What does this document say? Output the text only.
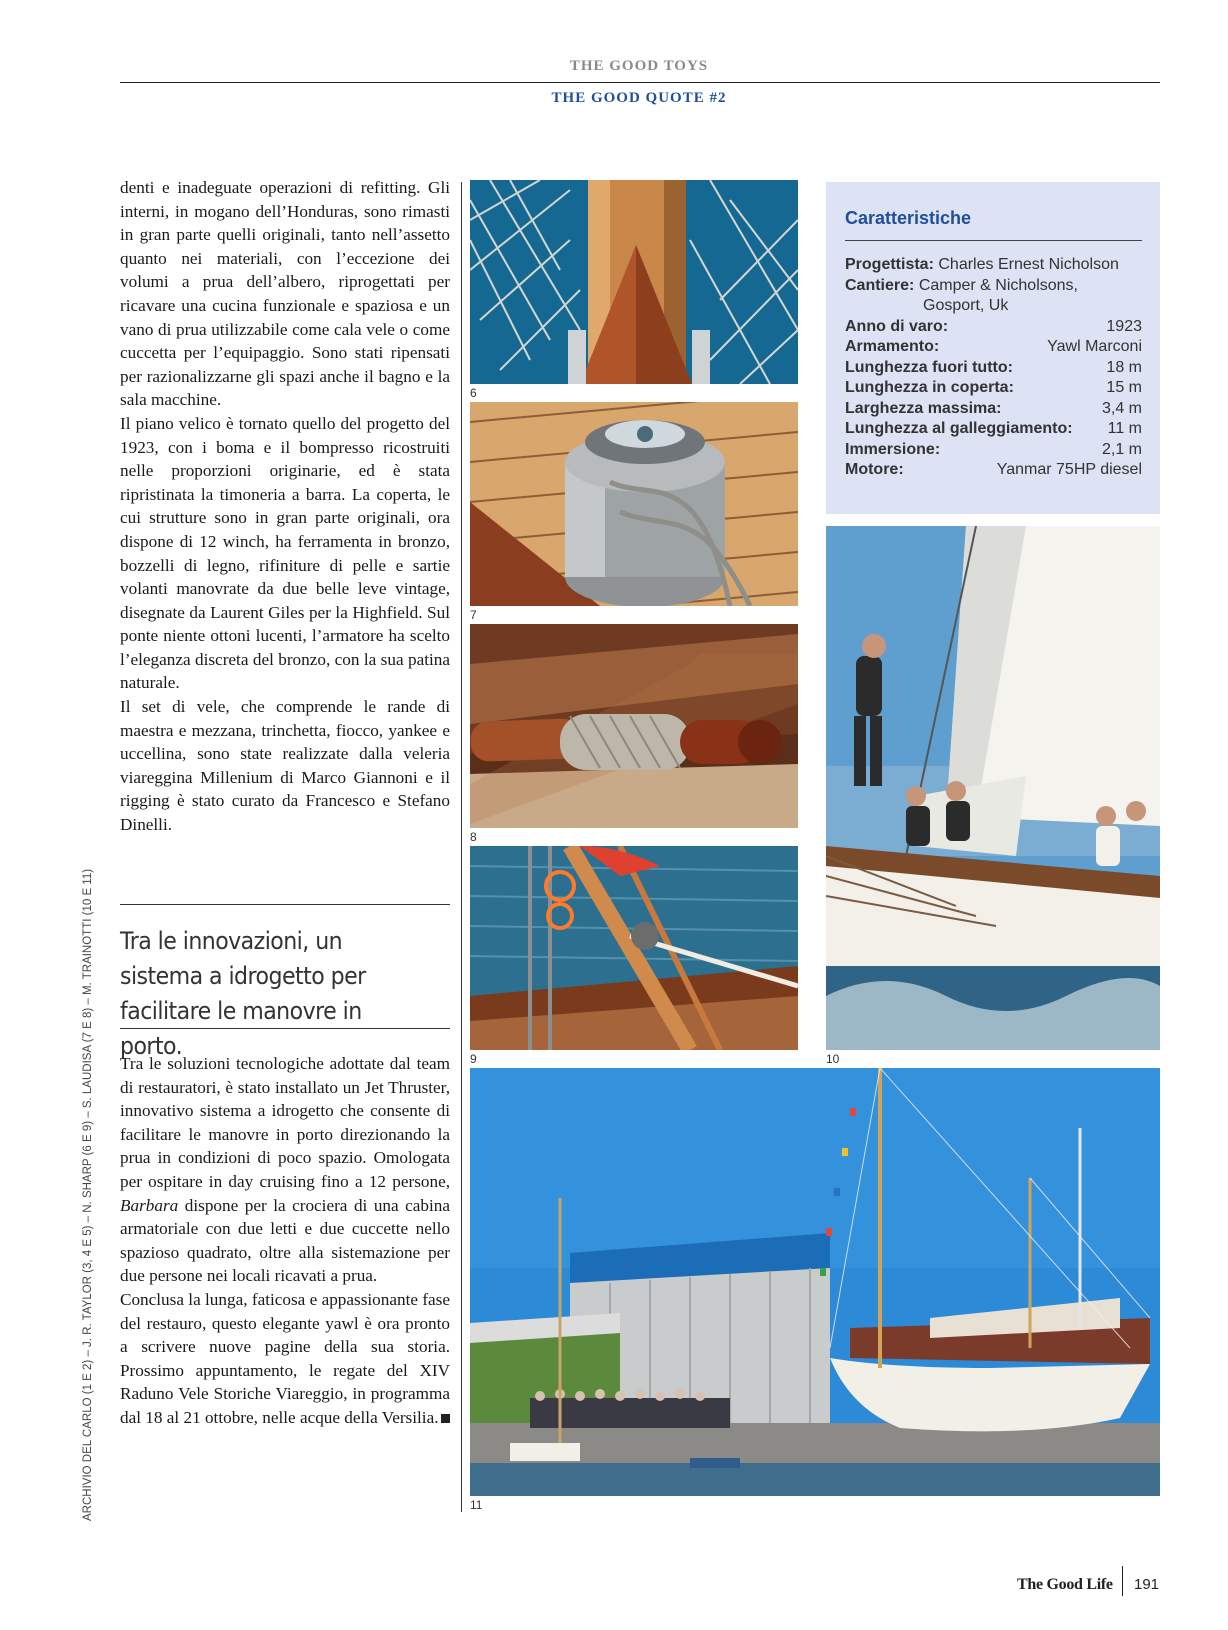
THE GOOD TOYS
THE GOOD QUOTE #2

denti e inadeguate operazioni di refitting. Gli interni, in mogano dell’Honduras, sono rimasti in gran parte quelli originali, tanto nell’assetto quanto nei materiali, con l’eccezione dei volumi a prua dell’albero, riprogettati per ricavare una cucina funzionale e spaziosa e un vano di prua utilizzabile come cala vele o come cuccetta per l’equipaggio. Sono stati ripensati per razionalizzarne gli spazi anche il bagno e la sala macchine.

Il piano velico è tornato quello del progetto del 1923, con i boma e il bompresso ricostruiti nelle proporzioni originarie, ed è stata ripristinata la timoneria a barra. La coperta, le cui strutture sono in gran parte originali, ora dispone di 12 winch, ha ferramenta in bronzo, bozzelli di legno, rifiniture di pelle e sartie volanti manovrate da due belle leve vintage, disegnate da Laurent Giles per la Highfield. Sul ponte niente ottoni lucenti, l’armatore ha scelto l’eleganza discreta del bronzo, con la sua patina naturale.

Il set di vele, che comprende le rande di maestra e mezzana, trinchetta, fiocco, yankee e uccellina, sono state realizzate dalla veleria viareggina Millenium di Marco Giannoni e il rigging è stato curato da Francesco e Stefano Dinelli.

Tra le innovazioni, un sistema a idrogetto per facilitare le manovre in porto.

Tra le soluzioni tecnologiche adottate dal team di restauratori, è stato installato un Jet Thruster, innovativo sistema a idrogetto che consente di facilitare le manovre in porto direzionando la prua in condizioni di poco spazio. Omologata per ospitare in day cruising fino a 12 persone, Barbara dispone per la crociera di una cabina armatoriale con due letti e due cuccette nello spazioso quadrato, oltre alla sistemazione per due persone nei locali ricavati a prua.

Conclusa la lunga, faticosa e appassionante fase del restauro, questo elegante yawl è ora pronto a scrivere nuove pagine della sua storia. Prossimo appuntamento, le regate del XIV Raduno Vele Storiche Viareggio, in programma dal 18 al 21 ottobre, nelle acque della Versilia.

ARCHIVIO DEL CARLO (1 E 2) – J. R. TAYLOR (3, 4 E 5) – N. SHARP (6 E 9) – S. LAUDISA (7 E 8) – M. TRAINOTTI (10 E 11)
6
7
8
9
Caratteristiche
Progettista: Charles Ernest Nicholson
Cantiere: Camper & Nicholsons,
Gosport, Uk
Anno di varo:	1923
Armamento:	Yawl Marconi
Lunghezza fuori tutto:	18 m
Lunghezza in coperta:	15 m
Larghezza massima:	3,4 m
Lunghezza al galleggiamento: 11 m
Immersione:	2,1 m
Motore:	Yanmar 75HP diesel
10
11
The Good Life 191
